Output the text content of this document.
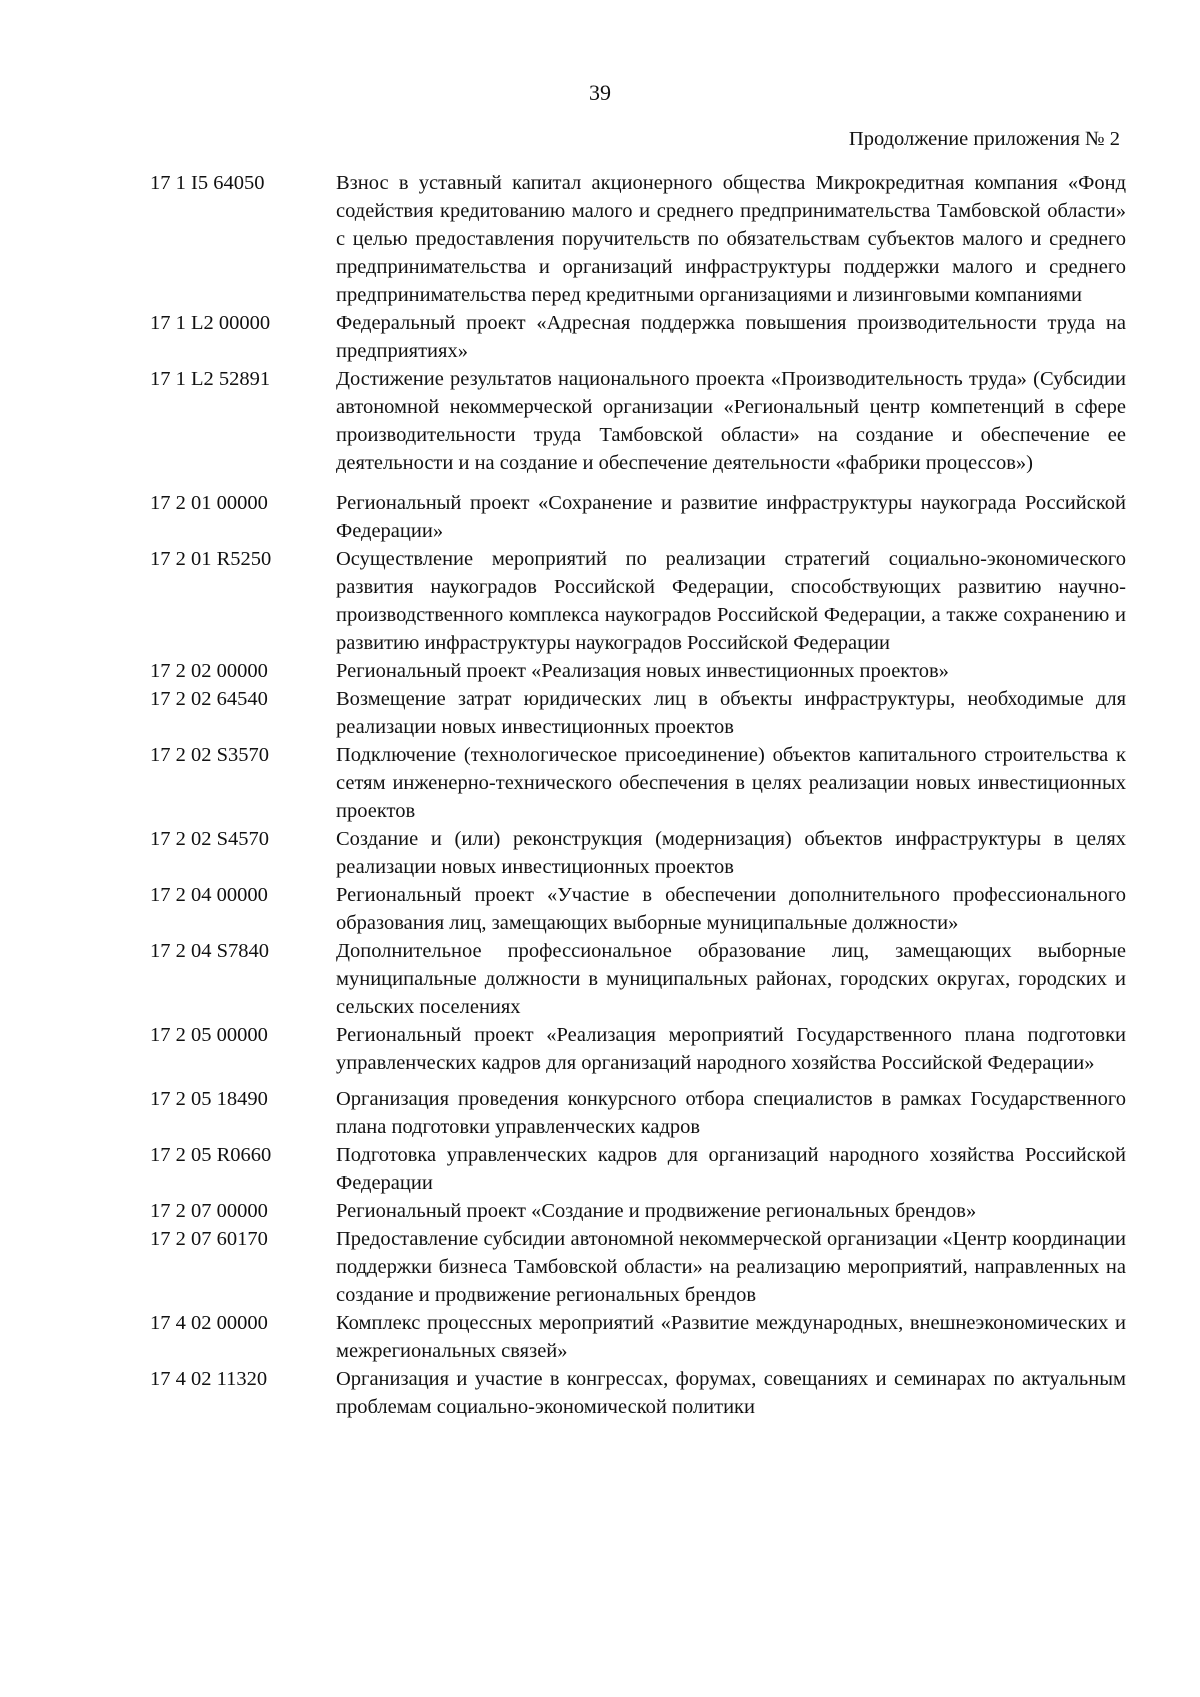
39
Продолжение приложения № 2
17 1 I5 64050	Взнос в уставный капитал акционерного общества Микрокредитная компания «Фонд содействия кредитованию малого и среднего предпринимательства Тамбовской области» с целью предоставления поручительств по обязательствам субъектов малого и среднего предпринимательства и организаций инфраструктуры поддержки малого и среднего предпринимательства перед кредитными организациями и лизинговыми компаниями
17 1 L2 00000	Федеральный проект «Адресная поддержка повышения производительности труда на предприятиях»
17 1 L2 52891	Достижение результатов национального проекта «Производительность труда» (Субсидии автономной некоммерческой организации «Региональный центр компетенций в сфере производительности труда Тамбовской области» на создание и обеспечение ее деятельности и на создание и обеспечение деятельности «фабрики процессов»)
17 2 01 00000	Региональный проект «Сохранение и развитие инфраструктуры наукограда Российской Федерации»
17 2 01 R5250	Осуществление мероприятий по реализации стратегий социально-экономического развития наукоградов Российской Федерации, способствующих развитию научно-производственного комплекса наукоградов Российской Федерации, а также сохранению и развитию инфраструктуры наукоградов Российской Федерации
17 2 02 00000	Региональный проект «Реализация новых инвестиционных проектов»
17 2 02 64540	Возмещение затрат юридических лиц в объекты инфраструктуры, необходимые для реализации новых инвестиционных проектов
17 2 02 S3570	Подключение (технологическое присоединение) объектов капитального строительства к сетям инженерно-технического обеспечения в целях реализации новых инвестиционных проектов
17 2 02 S4570	Создание и (или) реконструкция (модернизация) объектов инфраструктуры в целях реализации новых инвестиционных проектов
17 2 04 00000	Региональный проект «Участие в обеспечении дополнительного профессионального образования лиц, замещающих выборные муниципальные должности»
17 2 04 S7840	Дополнительное профессиональное образование лиц, замещающих выборные муниципальные должности в муниципальных районах, городских округах, городских и сельских поселениях
17 2 05 00000	Региональный проект «Реализация мероприятий Государственного плана подготовки управленческих кадров для организаций народного хозяйства Российской Федерации»
17 2 05 18490	Организация проведения конкурсного отбора специалистов в рамках Государственного плана подготовки управленческих кадров
17 2 05 R0660	Подготовка управленческих кадров для организаций народного хозяйства Российской Федерации
17 2 07 00000	Региональный проект «Создание и продвижение региональных брендов»
17 2 07 60170	Предоставление субсидии автономной некоммерческой организации «Центр координации поддержки бизнеса Тамбовской области» на реализацию мероприятий, направленных на создание и продвижение региональных брендов
17 4 02 00000	Комплекс процессных мероприятий «Развитие международных, внешнеэкономических и межрегиональных связей»
17 4 02 11320	Организация и участие в конгрессах, форумах, совещаниях и семинарах по актуальным проблемам социально-экономической политики
